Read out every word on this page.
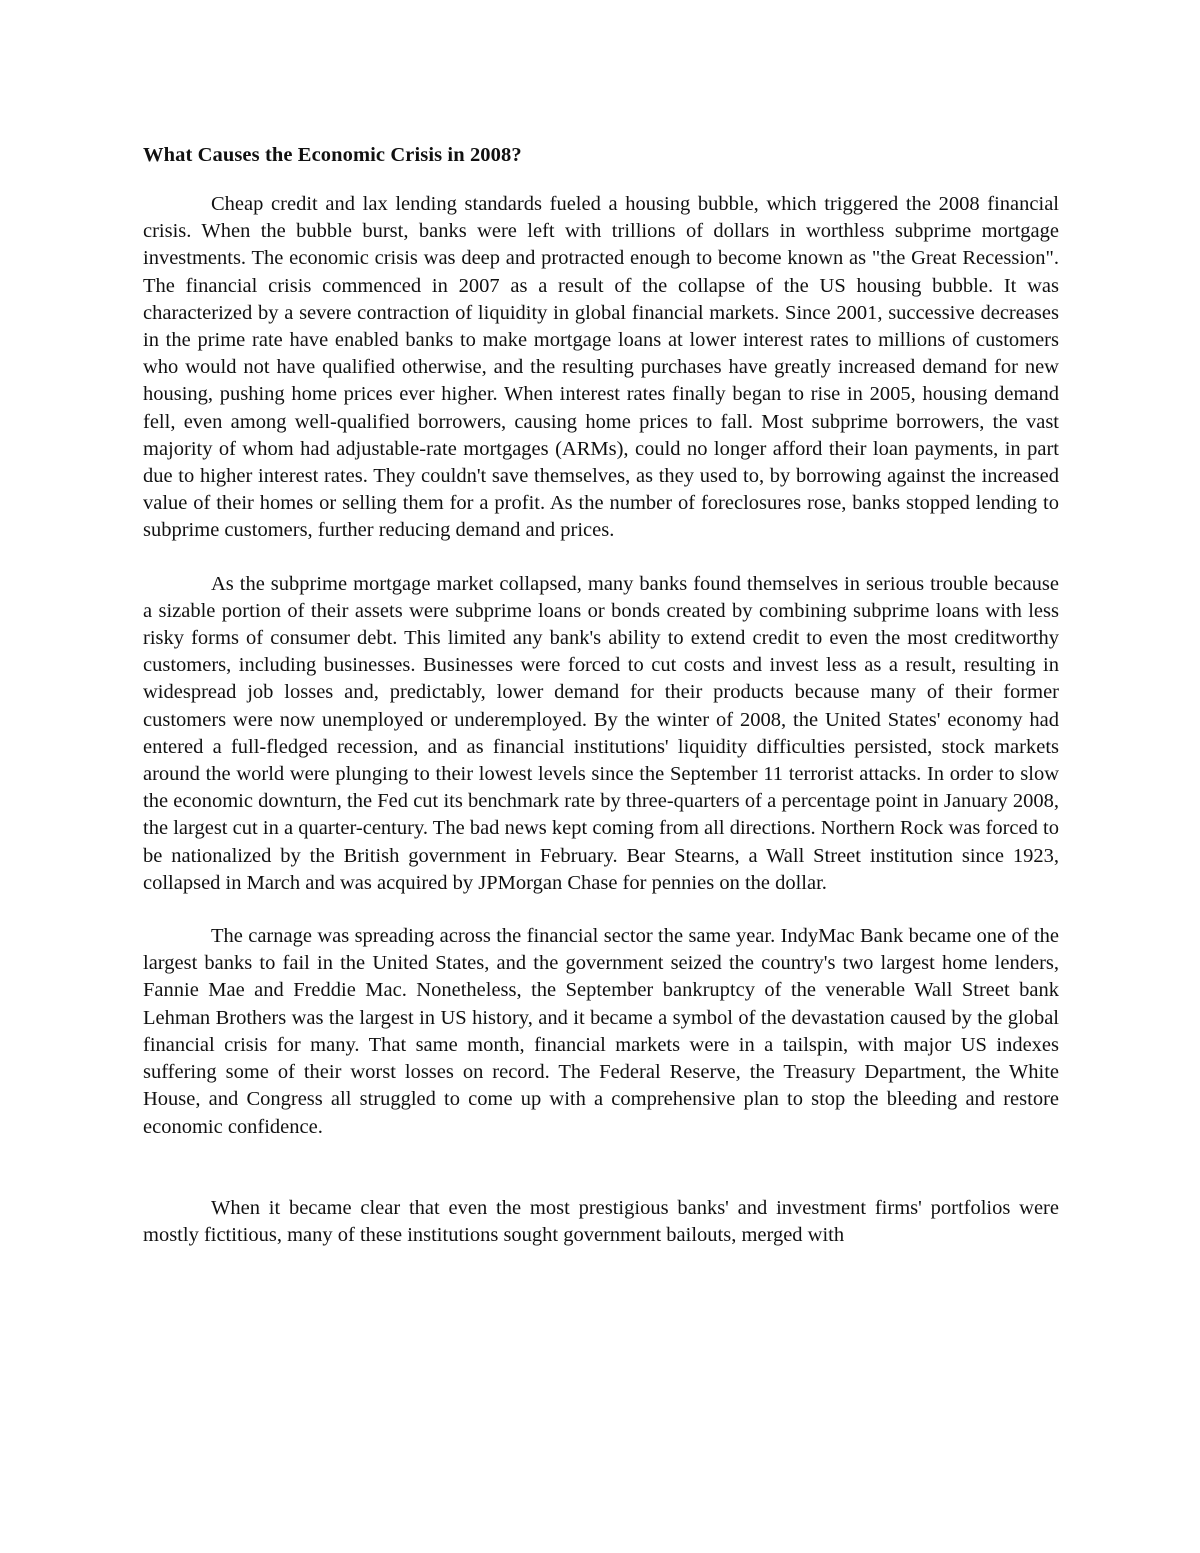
What Causes the Economic Crisis in 2008?

Cheap credit and lax lending standards fueled a housing bubble, which triggered the 2008 financial crisis. When the bubble burst, banks were left with trillions of dollars in worthless subprime mortgage investments. The economic crisis was deep and protracted enough to become known as "the Great Recession". The financial crisis commenced in 2007 as a result of the collapse of the US housing bubble. It was characterized by a severe contraction of liquidity in global financial markets. Since 2001, successive decreases in the prime rate have enabled banks to make mortgage loans at lower interest rates to millions of customers who would not have qualified otherwise, and the resulting purchases have greatly increased demand for new housing, pushing home prices ever higher. When interest rates finally began to rise in 2005, housing demand fell, even among well-qualified borrowers, causing home prices to fall. Most subprime borrowers, the vast majority of whom had adjustable-rate mortgages (ARMs), could no longer afford their loan payments, in part due to higher interest rates. They couldn't save themselves, as they used to, by borrowing against the increased value of their homes or selling them for a profit. As the number of foreclosures rose, banks stopped lending to subprime customers, further reducing demand and prices.

As the subprime mortgage market collapsed, many banks found themselves in serious trouble because a sizable portion of their assets were subprime loans or bonds created by combining subprime loans with less risky forms of consumer debt. This limited any bank's ability to extend credit to even the most creditworthy customers, including businesses. Businesses were forced to cut costs and invest less as a result, resulting in widespread job losses and, predictably, lower demand for their products because many of their former customers were now unemployed or underemployed. By the winter of 2008, the United States' economy had entered a full-fledged recession, and as financial institutions' liquidity difficulties persisted, stock markets around the world were plunging to their lowest levels since the September 11 terrorist attacks. In order to slow the economic downturn, the Fed cut its benchmark rate by three-quarters of a percentage point in January 2008, the largest cut in a quarter-century. The bad news kept coming from all directions. Northern Rock was forced to be nationalized by the British government in February. Bear Stearns, a Wall Street institution since 1923, collapsed in March and was acquired by JPMorgan Chase for pennies on the dollar.

The carnage was spreading across the financial sector the same year. IndyMac Bank became one of the largest banks to fail in the United States, and the government seized the country's two largest home lenders, Fannie Mae and Freddie Mac. Nonetheless, the September bankruptcy of the venerable Wall Street bank Lehman Brothers was the largest in US history, and it became a symbol of the devastation caused by the global financial crisis for many. That same month, financial markets were in a tailspin, with major US indexes suffering some of their worst losses on record. The Federal Reserve, the Treasury Department, the White House, and Congress all struggled to come up with a comprehensive plan to stop the bleeding and restore economic confidence.

When it became clear that even the most prestigious banks' and investment firms' portfolios were mostly fictitious, many of these institutions sought government bailouts, merged with
